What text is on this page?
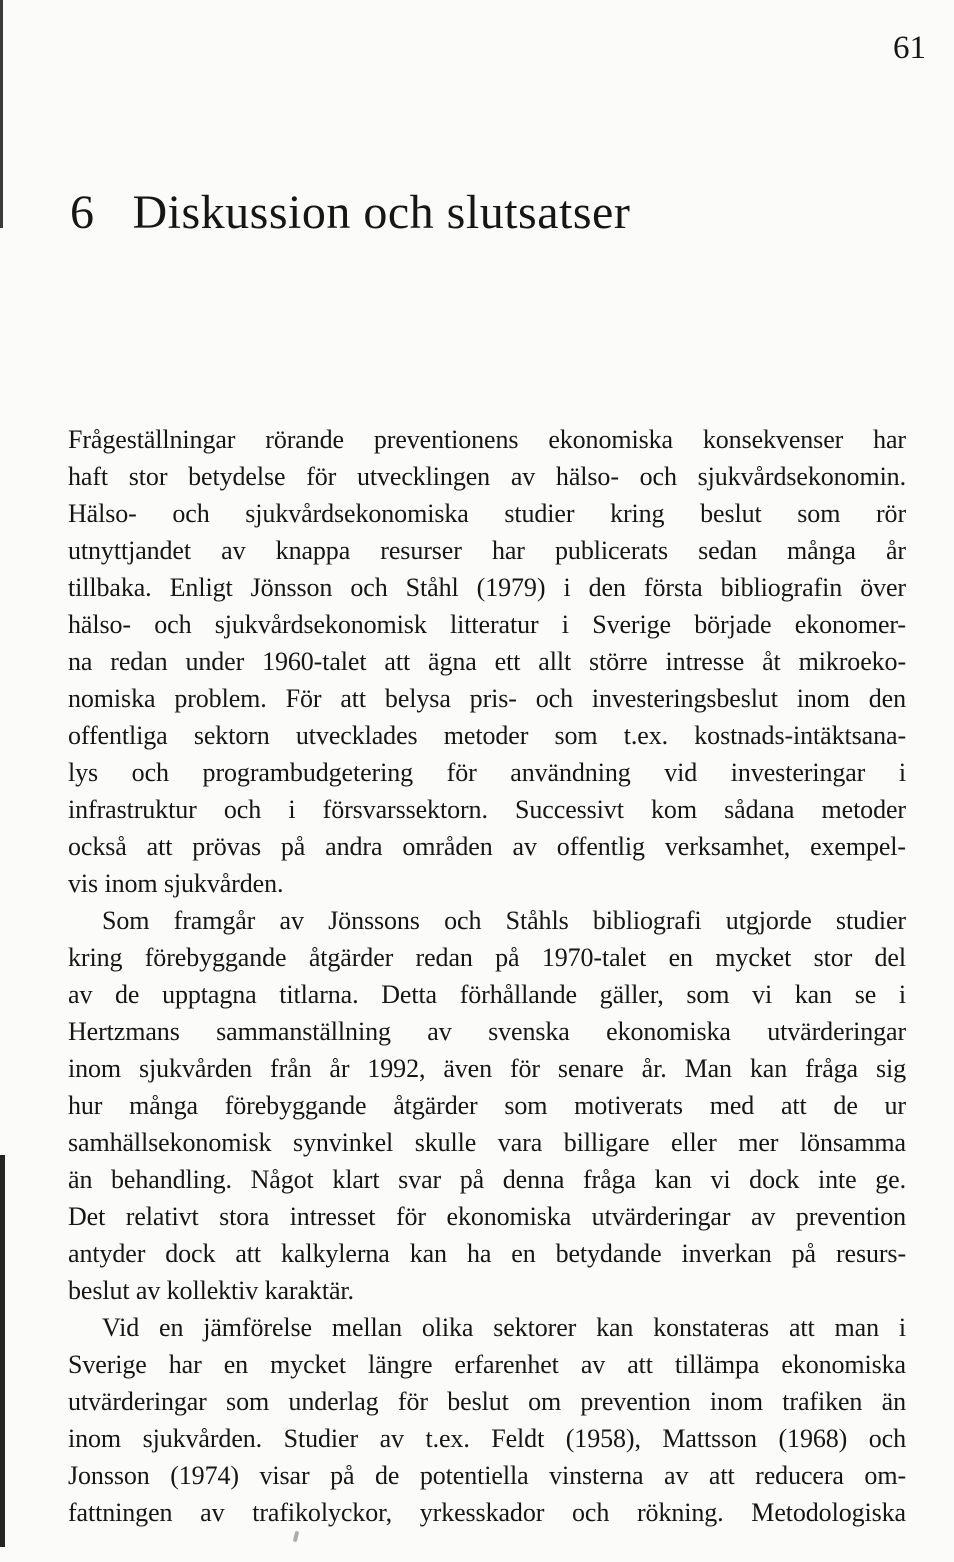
61
6 Diskussion och slutsatser
Frågeställningar rörande preventionens ekonomiska konsekvenser har
haft stor betydelse för utvecklingen av hälso- och sjukvårdsekonomin.
Hälso- och sjukvårdsekonomiska studier kring beslut som rör
utnyttjandet av knappa resurser har publicerats sedan många år
tillbaka. Enligt Jönsson och Ståhl (1979) i den första bibliografin över
hälso- och sjukvårdsekonomisk litteratur i Sverige började ekonomer-
na redan under 1960-talet att ägna ett allt större intresse åt mikroeko-
nomiska problem. För att belysa pris- och investeringsbeslut inom den
offentliga sektorn utvecklades metoder som t.ex. kostnads-intäktsana-
lys och programbudgetering för användning vid investeringar i
infrastruktur och i försvarssektorn. Successivt kom sådana metoder
också att prövas på andra områden av offentlig verksamhet, exempel-
vis inom sjukvården.
Som framgår av Jönssons och Ståhls bibliografi utgjorde studier
kring förebyggande åtgärder redan på 1970-talet en mycket stor del
av de upptagna titlarna. Detta förhållande gäller, som vi kan se i
Hertzmans sammanställning av svenska ekonomiska utvärderingar
inom sjukvården från år 1992, även för senare år. Man kan fråga sig
hur många förebyggande åtgärder som motiverats med att de ur
samhällsekonomisk synvinkel skulle vara billigare eller mer lönsamma
än behandling. Något klart svar på denna fråga kan vi dock inte ge.
Det relativt stora intresset för ekonomiska utvärderingar av prevention
antyder dock att kalkylerna kan ha en betydande inverkan på resurs-
beslut av kollektiv karaktär.
Vid en jämförelse mellan olika sektorer kan konstateras att man i
Sverige har en mycket längre erfarenhet av att tillämpa ekonomiska
utvärderingar som underlag för beslut om prevention inom trafiken än
inom sjukvården. Studier av t.ex. Feldt (1958), Mattsson (1968) och
Jonsson (1974) visar på de potentiella vinsterna av att reducera om-
fattningen av trafikolyckor, yrkesskador och rökning. Metodologiska
